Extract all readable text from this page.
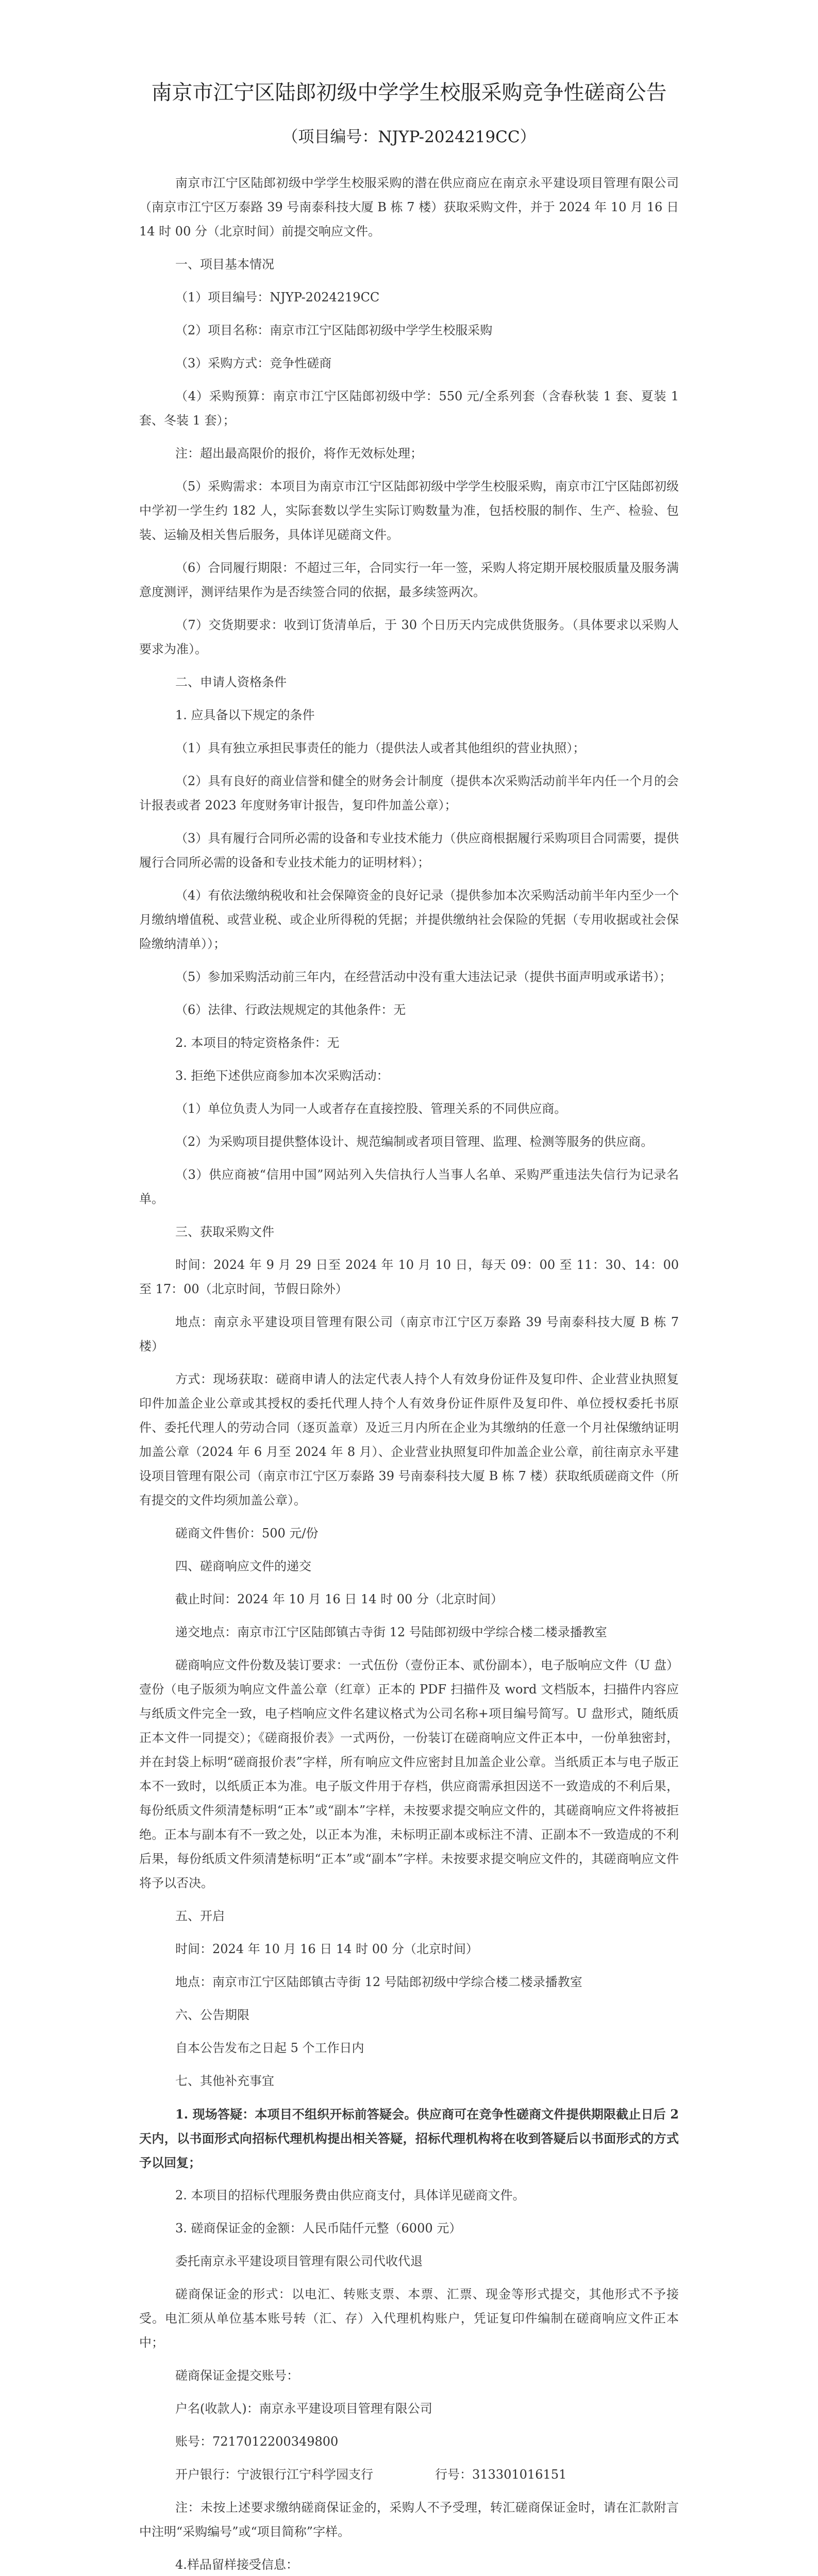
南京市江宁区陆郎初级中学学生校服采购竞争性磋商公告
（项目编号：NJYP-2024219CC）

南京市江宁区陆郎初级中学学生校服采购的潜在供应商应在南京永平建设项目管理有限公司（南京市江宁区万泰路 39 号南泰科技大厦 B 栋 7 楼）获取采购文件，并于 2024 年 10 月 16 日 14 时 00 分（北京时间）前提交响应文件。

一、项目基本情况

（1）项目编号：NJYP-2024219CC

（2）项目名称：南京市江宁区陆郎初级中学学生校服采购

（3）采购方式：竞争性磋商

（4）采购预算：南京市江宁区陆郎初级中学：550 元/全系列套（含春秋装 1 套、夏装 1 套、冬装 1 套）；

注：超出最高限价的报价，将作无效标处理；

（5）采购需求：本项目为南京市江宁区陆郎初级中学学生校服采购，南京市江宁区陆郎初级中学初一学生约 182 人，实际套数以学生实际订购数量为准，包括校服的制作、生产、检验、包装、运输及相关售后服务，具体详见磋商文件。

（6）合同履行期限：不超过三年，合同实行一年一签，采购人将定期开展校服质量及服务满意度测评，测评结果作为是否续签合同的依据，最多续签两次。

（7）交货期要求：收到订货清单后，于 30 个日历天内完成供货服务。（具体要求以采购人要求为准）。

二、申请人资格条件

1. 应具备以下规定的条件

（1）具有独立承担民事责任的能力（提供法人或者其他组织的营业执照）；

（2）具有良好的商业信誉和健全的财务会计制度（提供本次采购活动前半年内任一个月的会计报表或者 2023 年度财务审计报告，复印件加盖公章）；

（3）具有履行合同所必需的设备和专业技术能力（供应商根据履行采购项目合同需要，提供履行合同所必需的设备和专业技术能力的证明材料）；

（4）有依法缴纳税收和社会保障资金的良好记录（提供参加本次采购活动前半年内至少一个月缴纳增值税、或营业税、或企业所得税的凭据；并提供缴纳社会保险的凭据（专用收据或社会保险缴纳清单））；

（5）参加采购活动前三年内，在经营活动中没有重大违法记录（提供书面声明或承诺书）；

（6）法律、行政法规规定的其他条件：无

2. 本项目的特定资格条件：无

3. 拒绝下述供应商参加本次采购活动：

（1）单位负责人为同一人或者存在直接控股、管理关系的不同供应商。

（2）为采购项目提供整体设计、规范编制或者项目管理、监理、检测等服务的供应商。

（3）供应商被“信用中国”网站列入失信执行人当事人名单、采购严重违法失信行为记录名单。

三、获取采购文件

时间：2024 年 9 月 29 日至 2024 年 10 月 10 日，每天 09：00 至 11：30、14：00 至 17：00（北京时间，节假日除外）

地点：南京永平建设项目管理有限公司（南京市江宁区万泰路 39 号南泰科技大厦 B 栋 7 楼）

方式：现场获取：磋商申请人的法定代表人持个人有效身份证件及复印件、企业营业执照复印件加盖企业公章或其授权的委托代理人持个人有效身份证件原件及复印件、单位授权委托书原件、委托代理人的劳动合同（逐页盖章）及近三月内所在企业为其缴纳的任意一个月社保缴纳证明加盖公章（2024 年 6 月至 2024 年 8 月）、企业营业执照复印件加盖企业公章，前往南京永平建设项目管理有限公司（南京市江宁区万泰路 39 号南泰科技大厦 B 栋 7 楼）获取纸质磋商文件（所有提交的文件均须加盖公章）。

磋商文件售价：500 元/份

四、磋商响应文件的递交

截止时间：2024 年 10 月 16 日 14 时 00 分（北京时间）

递交地点：南京市江宁区陆郎镇古寺街 12 号陆郎初级中学综合楼二楼录播教室

磋商响应文件份数及装订要求：一式伍份（壹份正本、贰份副本），电子版响应文件（U 盘）壹份（电子版须为响应文件盖公章（红章）正本的 PDF 扫描件及 word 文档版本，扫描件内容应与纸质文件完全一致，电子档响应文件名建议格式为公司名称+项目编号简写。U 盘形式，随纸质正本文件一同提交）；《磋商报价表》一式两份，一份装订在磋商响应文件正本中，一份单独密封，并在封袋上标明“磋商报价表”字样，所有响应文件应密封且加盖企业公章。当纸质正本与电子版正本不一致时，以纸质正本为准。电子版文件用于存档，供应商需承担因送不一致造成的不利后果，每份纸质文件须清楚标明“正本”或“副本”字样，未按要求提交响应文件的，其磋商响应文件将被拒绝。正本与副本有不一致之处，以正本为准，未标明正副本或标注不清、正副本不一致造成的不利后果，每份纸质文件须清楚标明“正本”或“副本”字样。未按要求提交响应文件的，其磋商响应文件将予以否决。

五、开启

时间：2024 年 10 月 16 日 14 时 00 分（北京时间）

地点：南京市江宁区陆郎镇古寺街 12 号陆郎初级中学综合楼二楼录播教室

六、公告期限

自本公告发布之日起 5 个工作日内

七、其他补充事宜

1. 现场答疑：本项目不组织开标前答疑会。供应商可在竞争性磋商文件提供期限截止日后 2 天内，以书面形式向招标代理机构提出相关答疑，招标代理机构将在收到答疑后以书面形式的方式予以回复；

2. 本项目的招标代理服务费由供应商支付，具体详见磋商文件。

3. 磋商保证金的金额：人民币陆仟元整（6000 元）

委托南京永平建设项目管理有限公司代收代退

磋商保证金的形式：以电汇、转账支票、本票、汇票、现金等形式提交，其他形式不予接受。电汇须从单位基本账号转（汇、存）入代理机构账户，凭证复印件编制在磋商响应文件正本中；

磋商保证金提交账号：

户名(收款人)：南京永平建设项目管理有限公司

账号：7217012200349800

开户银行：宁波银行江宁科学园支行　　　　　	行号：313301016151

注：未按上述要求缴纳磋商保证金的，采购人不予受理，转汇磋商保证金时，请在汇款附言中注明“采购编号”或“项目简称”字样。

4.样品留样接受信息：
